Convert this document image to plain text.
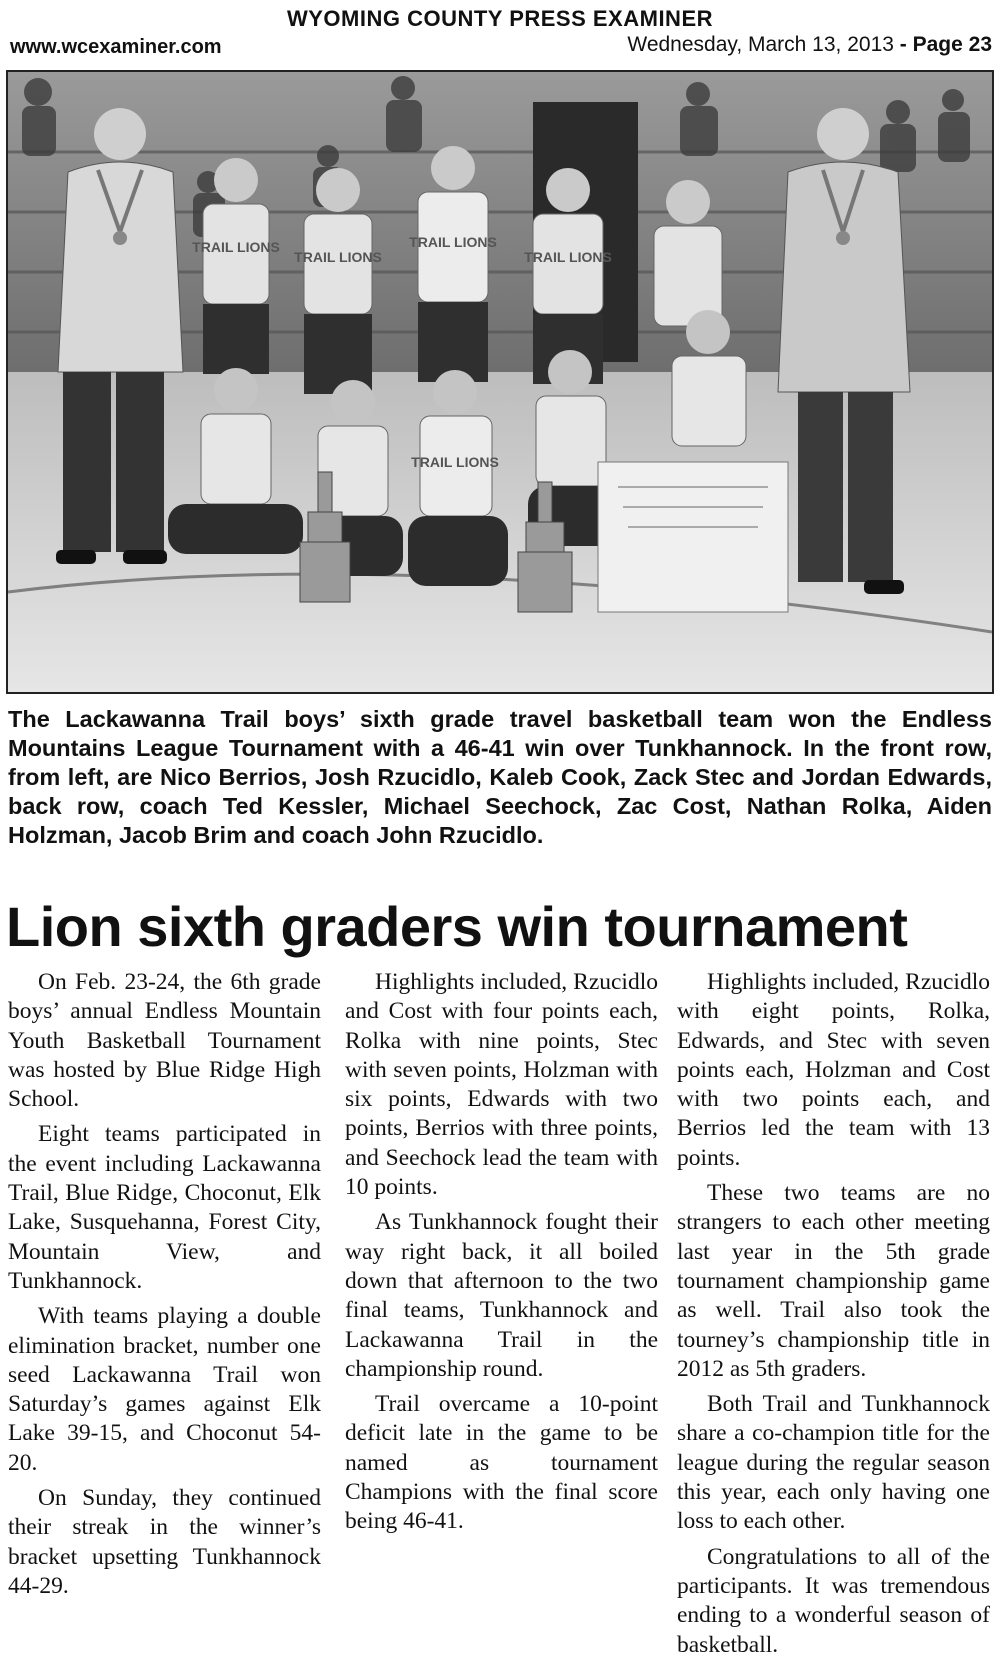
WYOMING COUNTY PRESS EXAMINER
www.wcexaminer.com	Wednesday, March 13, 2013 - Page 23
TRAIL LIONS
TRAIL LIONS
TRAIL LIONS
TRAIL LIONS
TRAIL LIONS
The Lackawanna Trail boys’ sixth grade travel basketball team won the Endless Mountains League Tournament with a 46-41 win over Tunkhannock. In the front row, from left, are Nico Berrios, Josh Rzucidlo, Kaleb Cook, Zack Stec and Jordan Edwards, back row, coach Ted Kessler, Michael Seechock, Zac Cost, Nathan Rolka, Aiden Holzman, Jacob Brim and coach John Rzucidlo.
Lion sixth graders win tournament

On Feb. 23-24, the 6th grade boys’ annual Endless Mountain Youth Basketball Tournament was hosted by Blue Ridge High School.

Eight teams participated in the event including Lackawanna Trail, Blue Ridge, Choconut, Elk Lake, Susquehanna, Forest City, Mountain View, and Tunkhannock.

With teams playing a double elimination bracket, number one seed Lackawanna Trail won Saturday’s games against Elk Lake 39-15, and Choconut 54-20.

On Sunday, they continued their streak in the winner’s bracket upsetting Tunkhannock 44-29.

Highlights included, Rzucidlo and Cost with four points each, Rolka with nine points, Stec with seven points, Holzman with six points, Edwards with two points, Berrios with three points, and Seechock lead the team with 10 points.

As Tunkhannock fought their way right back, it all boiled down that afternoon to the two final teams, Tunkhannock and Lackawanna Trail in the championship round.

Trail overcame a 10-point deficit late in the game to be named as tournament Champions with the final score being 46-41.

Highlights included, Rzucidlo with eight points, Rolka, Edwards, and Stec with seven points each, Holzman and Cost with two points each, and Berrios led the team with 13 points.

These two teams are no strangers to each other meeting last year in the 5th grade tournament championship game as well. Trail also took the tourney’s championship title in 2012 as 5th graders.

Both Trail and Tunkhannock share a co-champion title for the league during the regular season this year, each only having one loss to each other.

Congratulations to all of the participants. It was tremendous ending to a wonderful season of basketball.
